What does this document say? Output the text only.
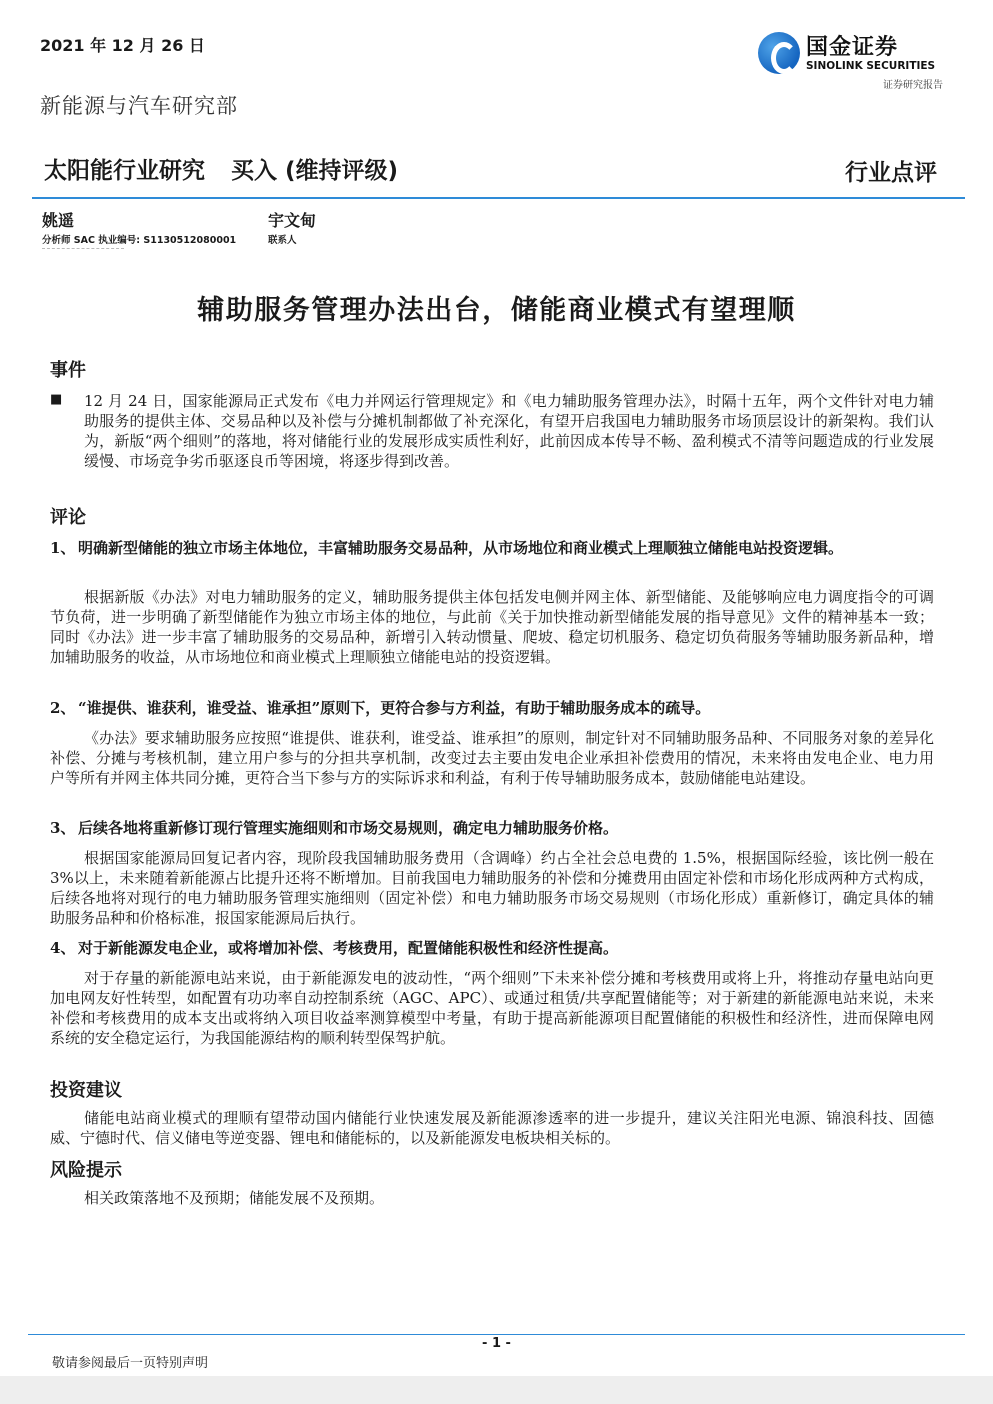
2021 年 12 月 26 日
新能源与汽车研究部
国金证券
SINOLINK SECURITIES
证券研究报告
太阳能行业研究 买入 (维持评级)	行业点评
姚遥
分析师 SAC 执业编号: S1130512080001
宇文甸
联系人
辅助服务管理办法出台，储能商业模式有望理顺
事件
■ 12 月 24 日，国家能源局正式发布《电力并网运行管理规定》和《电力辅助服务管理办法》，时隔十五年，两个文件针对电力辅助服务的提供主体、交易品种以及补偿与分摊机制都做了补充深化，有望开启我国电力辅助服务市场顶层设计的新架构。我们认为，新版“两个细则”的落地，将对储能行业的发展形成实质性利好，此前因成本传导不畅、盈利模式不清等问题造成的行业发展缓慢、市场竞争劣币驱逐良币等困境，将逐步得到改善。
评论
1、 明确新型储能的独立市场主体地位，丰富辅助服务交易品种，从市场地位和商业模式上理顺独立储能电站投资逻辑。
根据新版《办法》对电力辅助服务的定义，辅助服务提供主体包括发电侧并网主体、新型储能、及能够响应电力调度指令的可调节负荷，进一步明确了新型储能作为独立市场主体的地位，与此前《关于加快推动新型储能发展的指导意见》文件的精神基本一致；同时《办法》进一步丰富了辅助服务的交易品种，新增引入转动惯量、爬坡、稳定切机服务、稳定切负荷服务等辅助服务新品种，增加辅助服务的收益，从市场地位和商业模式上理顺独立储能电站的投资逻辑。
2、 “谁提供、谁获利，谁受益、谁承担”原则下，更符合参与方利益，有助于辅助服务成本的疏导。
《办法》要求辅助服务应按照“谁提供、谁获利，谁受益、谁承担”的原则，制定针对不同辅助服务品种、不同服务对象的差异化补偿、分摊与考核机制，建立用户参与的分担共享机制，改变过去主要由发电企业承担补偿费用的情况，未来将由发电企业、电力用户等所有并网主体共同分摊，更符合当下参与方的实际诉求和利益，有利于传导辅助服务成本，鼓励储能电站建设。
3、 后续各地将重新修订现行管理实施细则和市场交易规则，确定电力辅助服务价格。
根据国家能源局回复记者内容，现阶段我国辅助服务费用（含调峰）约占全社会总电费的 1.5%，根据国际经验，该比例一般在 3%以上，未来随着新能源占比提升还将不断增加。目前我国电力辅助服务的补偿和分摊费用由固定补偿和市场化形成两种方式构成，后续各地将对现行的电力辅助服务管理实施细则（固定补偿）和电力辅助服务市场交易规则（市场化形成）重新修订，确定具体的辅助服务品种和价格标准，报国家能源局后执行。
4、 对于新能源发电企业，或将增加补偿、考核费用，配置储能积极性和经济性提高。
对于存量的新能源电站来说，由于新能源发电的波动性，“两个细则”下未来补偿分摊和考核费用或将上升，将推动存量电站向更加电网友好性转型，如配置有功功率自动控制系统（AGC、APC）、或通过租赁/共享配置储能等；对于新建的新能源电站来说，未来补偿和考核费用的成本支出或将纳入项目收益率测算模型中考量，有助于提高新能源项目配置储能的积极性和经济性，进而保障电网系统的安全稳定运行，为我国能源结构的顺利转型保驾护航。
投资建议
储能电站商业模式的理顺有望带动国内储能行业快速发展及新能源渗透率的进一步提升，建议关注阳光电源、锦浪科技、固德威、宁德时代、信义储电等逆变器、锂电和储能标的，以及新能源发电板块相关标的。
风险提示
相关政策落地不及预期；储能发展不及预期。
- 1 -
敬请参阅最后一页特别声明
